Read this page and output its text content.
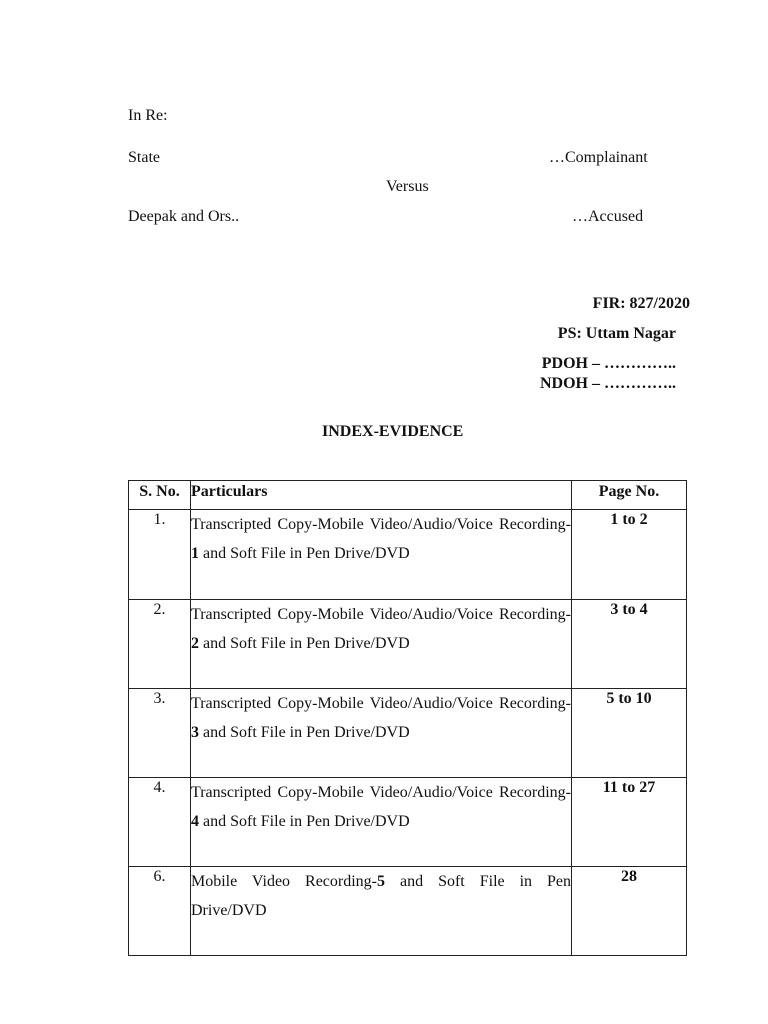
In Re:
State	…Complainant
Versus
Deepak and Ors..	…Accused
FIR: 827/2020
PS: Uttam Nagar
PDOH – …………..
NDOH – …………..
INDEX-EVIDENCE
S. No.	Particulars	Page No.
1.	Transcripted Copy-Mobile Video/Audio/Voice Recording-1 and Soft File in Pen Drive/DVD	1 to 2
2.	Transcripted Copy-Mobile Video/Audio/Voice Recording-2 and Soft File in Pen Drive/DVD	3 to 4
3.	Transcripted Copy-Mobile Video/Audio/Voice Recording-3 and Soft File in Pen Drive/DVD	5 to 10
4.	Transcripted Copy-Mobile Video/Audio/Voice Recording-4 and Soft File in Pen Drive/DVD	11 to 27
6.	Mobile Video Recording-5 and Soft File in Pen Drive/DVD	28
